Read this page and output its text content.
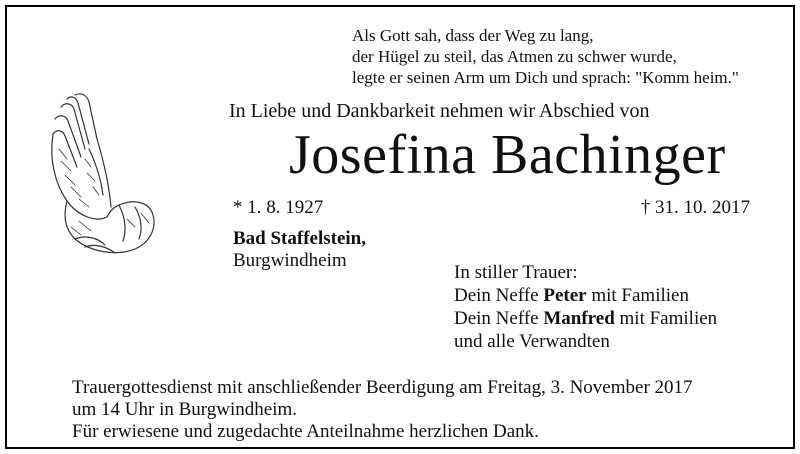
Als Gott sah, dass der Weg zu lang,
der Hügel zu steil, das Atmen zu schwer wurde,
legte er seinen Arm um Dich und sprach: "Komm heim."
In Liebe und Dankbarkeit nehmen wir Abschied von
Josefina Bachinger
* 1. 8. 1927	† 31. 10. 2017
Bad Staffelstein,
Burgwindheim
In stiller Trauer:
Dein Neffe Peter mit Familien
Dein Neffe Manfred mit Familien
und alle Verwandten
Trauergottesdienst mit anschließender Beerdigung am Freitag, 3. November 2017
um 14 Uhr in Burgwindheim.
Für erwiesene und zugedachte Anteilnahme herzlichen Dank.
